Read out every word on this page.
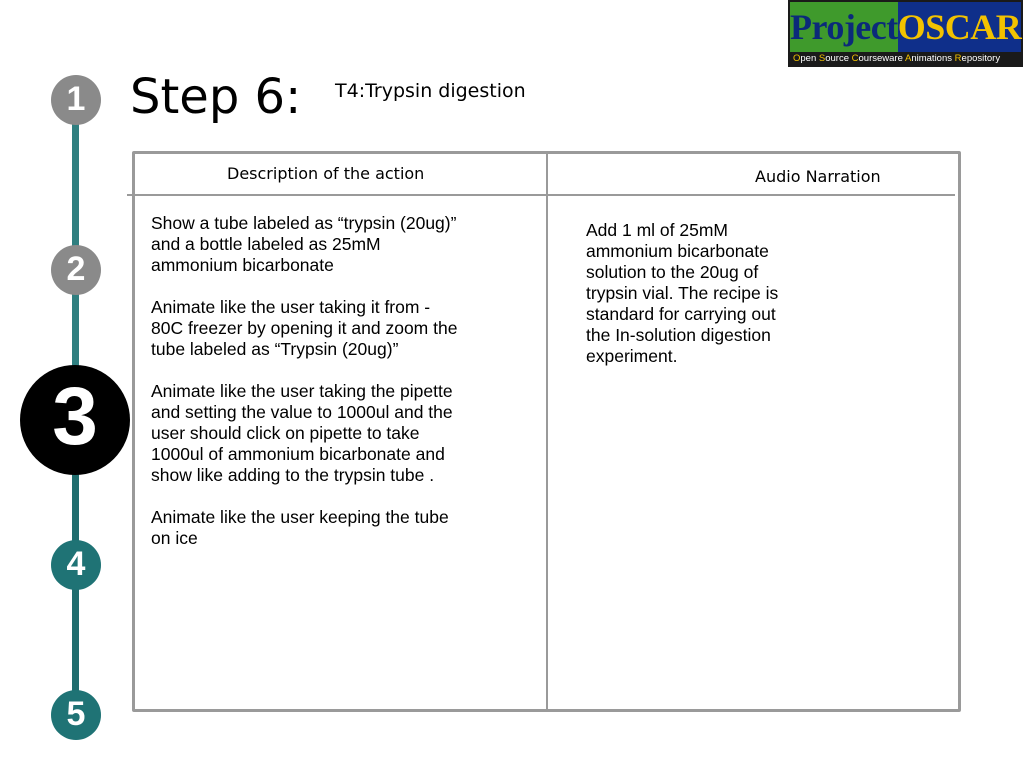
Project OSCAR
Open Source Courseware Animations Repository
1
2
3
4
5
Step 6: T4:Trypsin digestion
Description of the action	Audio Narration

Show a tube labeled as “trypsin (20ug)”
and a bottle labeled as 25mM
ammonium bicarbonate

Animate like the user taking it from -
80C freezer by opening it and zoom the
tube labeled as “Trypsin (20ug)”

Animate like the user taking the pipette
and setting the value to 1000ul and the
user should click on pipette to take
1000ul of ammonium bicarbonate and
show like adding to the trypsin tube .

Animate like the user keeping the tube
on ice

Add 1 ml of 25mM
ammonium bicarbonate
solution to the 20ug of
trypsin vial. The recipe is
standard for carrying out
the In-solution digestion
experiment.
